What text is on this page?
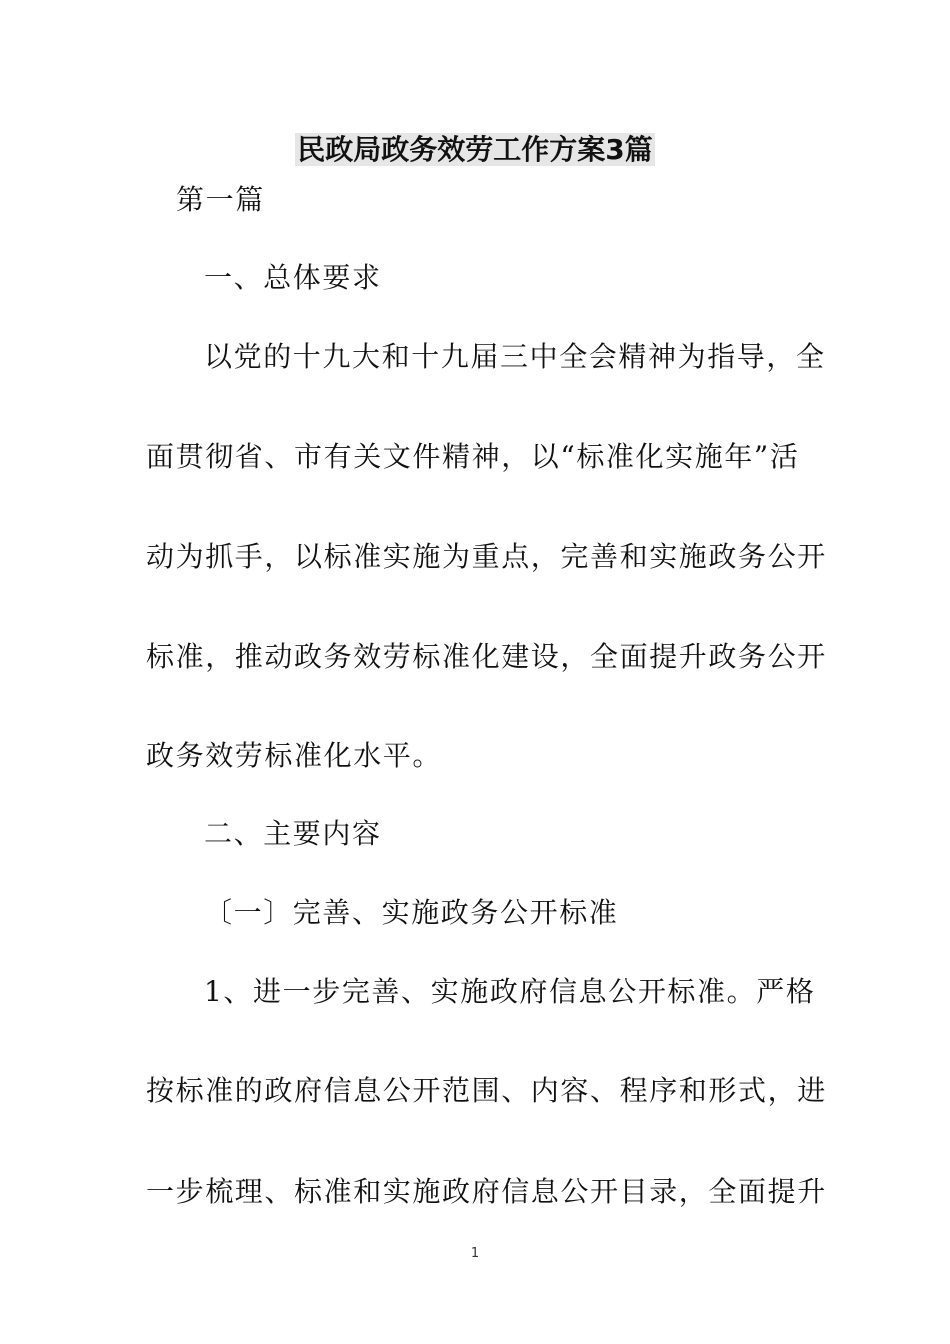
民政局政务效劳工作方案3篇
第一篇
一、总体要求
以党的十九大和十九届三中全会精神为指导，全
面贯彻省、市有关文件精神，以“标准化实施年”活
动为抓手，以标准实施为重点，完善和实施政务公开
标准，推动政务效劳标准化建设，全面提升政务公开
政务效劳标准化水平。
二、主要内容
〔一〕完善、实施政务公开标准
1、进一步完善、实施政府信息公开标准。严格
按标准的政府信息公开范围、内容、程序和形式，进
一步梳理、标准和实施政府信息公开目录，全面提升
1
